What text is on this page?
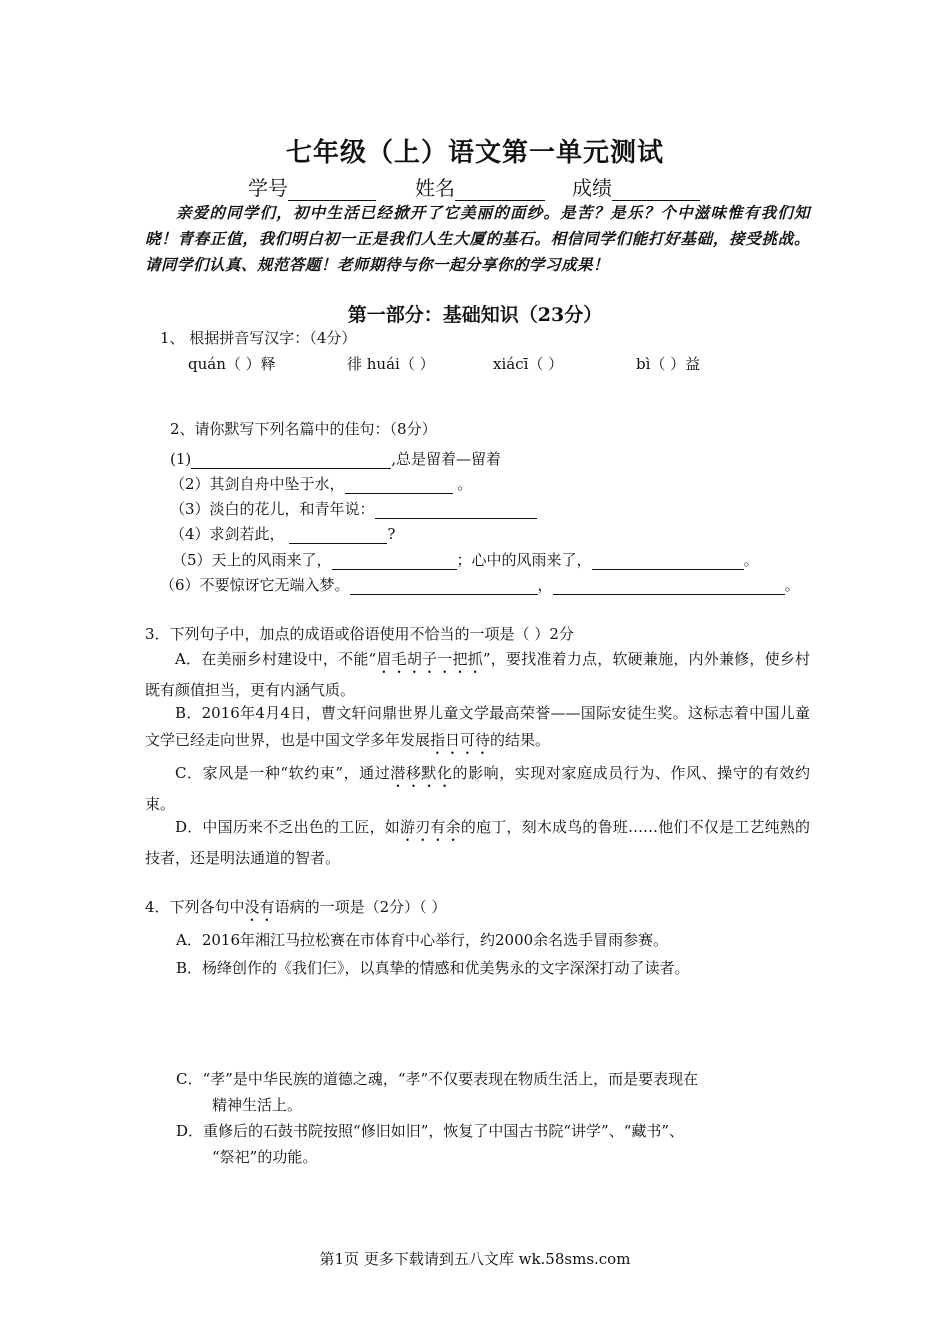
七年级（上）语文第一单元测试
学号	姓名	成绩
亲爱的同学们，初中生活已经掀开了它美丽的面纱。是苦？是乐？个中滋味惟有我们知晓！青春正值，我们明白初一正是我们人生大厦的基石。相信同学们能打好基础，接受挑战。请同学们认真、规范答题！老师期待与你一起分享你的学习成果！
第一部分：基础知识（23分）
1、 根据拼音写汉字：（4分）
quán（ ）释	徘 huái（ ）	xiácī（ ）	bì（ ）益
2、请你默写下列名篇中的佳句：（8分）
(1)	,总是留着—留着
（2）其剑自舟中坠于水，	。
（3）淡白的花儿，和青年说：
（4）求剑若此，	?
（5）天上的风雨来了，	；心中的风雨来了，	。
（6）不要惊讶它无端入梦。	，	。
3．下列句子中，加点的成语或俗语使用不恰当的一项是（ ）2分
A．在美丽乡村建设中，不能“眉毛胡子一把抓”，要找准着力点，软硬兼施，内外兼修，使乡村既有颜值担当，更有内涵气质。
B．2016年4月4日，曹文轩问鼎世界儿童文学最高荣誉——国际安徒生奖。这标志着中国儿童文学已经走向世界，也是中国文学多年发展指日可待的结果。
C．家风是一种“软约束”，通过潜移默化的影响，实现对家庭成员行为、作风、操守的有效约束。
D．中国历来不乏出色的工匠，如游刃有余的庖丁，刻木成鸟的鲁班……他们不仅是工艺纯熟的技者，还是明法通道的智者。
4．下列各句中没有语病的一项是（2分）（ ）
A．2016年湘江马拉松赛在市体育中心举行，约2000余名选手冒雨参赛。
B．杨绛创作的《我们仨》，以真挚的情感和优美隽永的文字深深打动了读者。
C．“孝”是中华民族的道德之魂，“孝”不仅要表现在物质生活上，而是要表现在
精神生活上。
D．重修后的石鼓书院按照“修旧如旧”，恢复了中国古书院“讲学”、“藏书”、
“祭祀”的功能。
第1页 更多下载请到五八文库 wk.58sms.com
